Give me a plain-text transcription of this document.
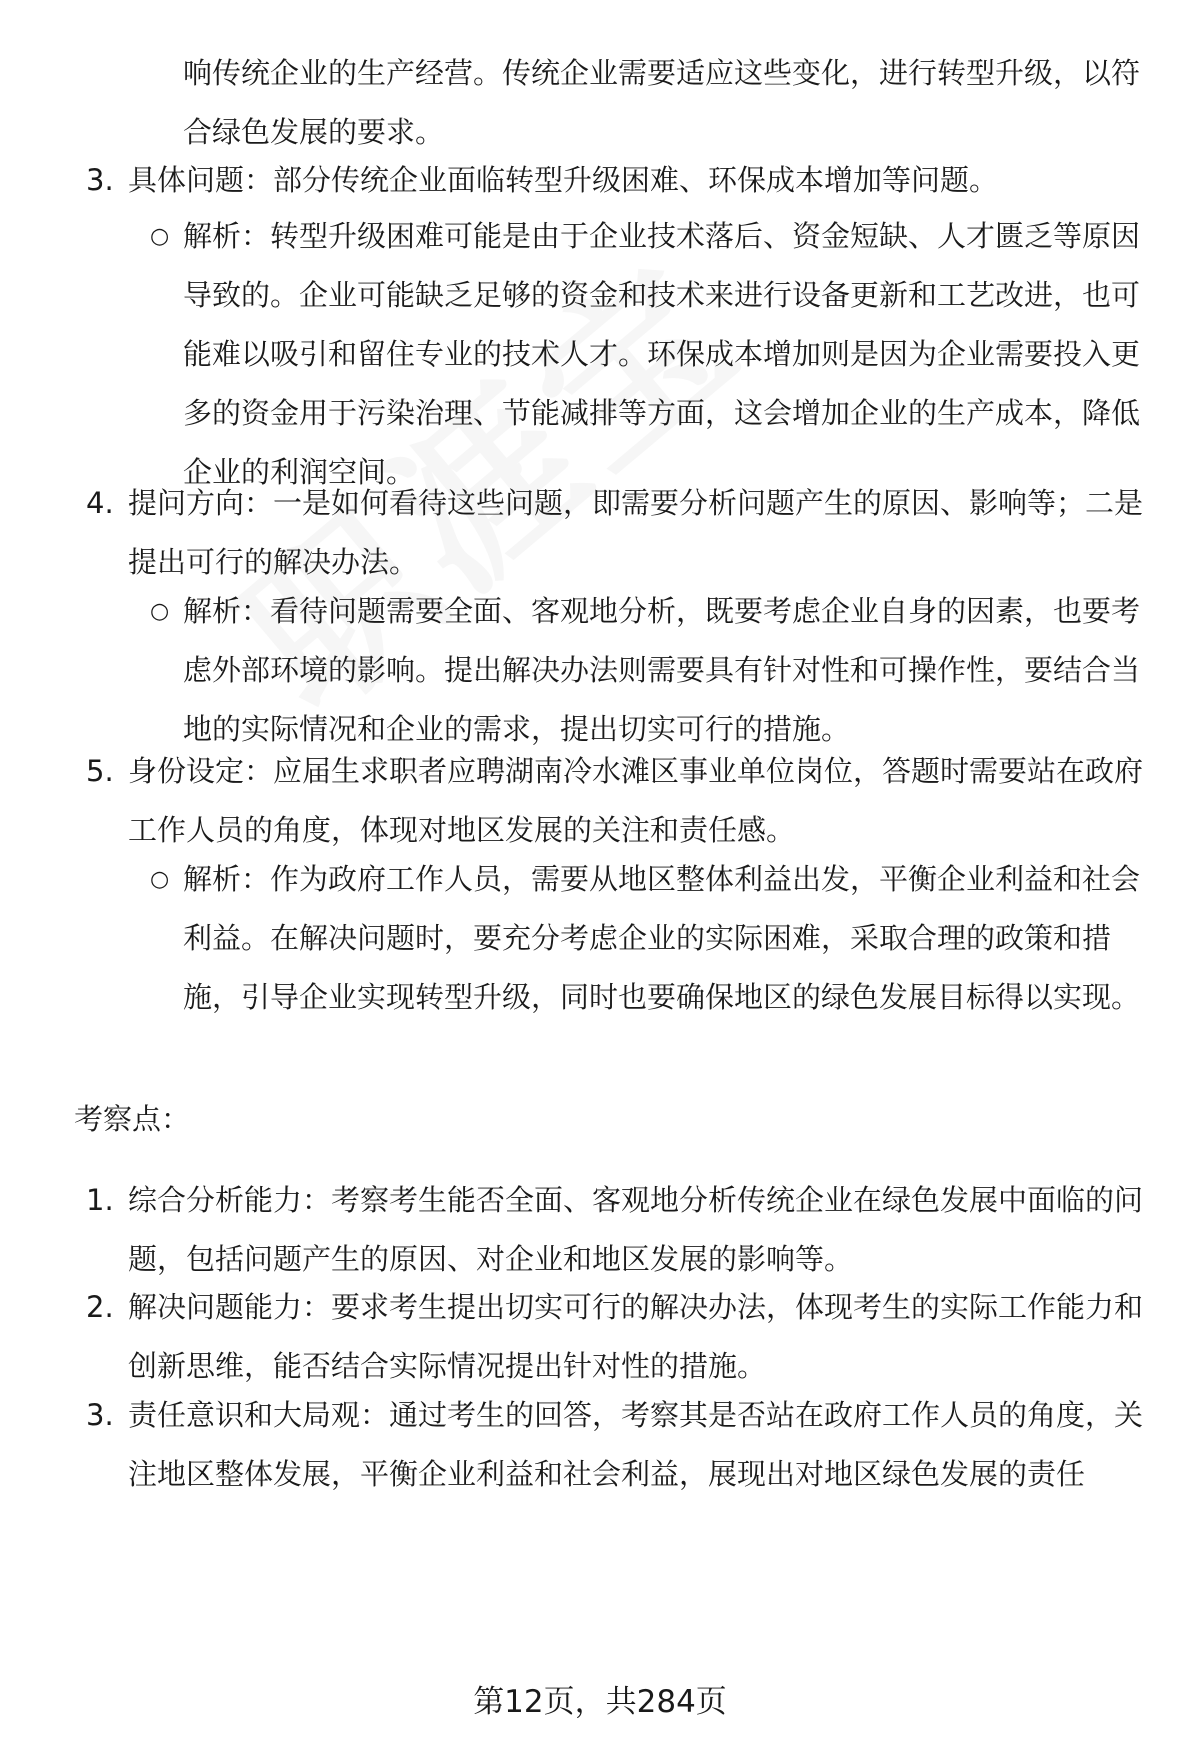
响传统企业的生产经营。传统企业需要适应这些变化，进行转型升级，以符合绿色发展的要求。

3. 具体问题：部分传统企业面临转型升级困难、环保成本增加等问题。

○ 解析：转型升级困难可能是由于企业技术落后、资金短缺、人才匮乏等原因导致的。企业可能缺乏足够的资金和技术来进行设备更新和工艺改进，也可能难以吸引和留住专业的技术人才。环保成本增加则是因为企业需要投入更多的资金用于污染治理、节能减排等方面，这会增加企业的生产成本，降低企业的利润空间。

4. 提问方向：一是如何看待这些问题，即需要分析问题产生的原因、影响等；二是提出可行的解决办法。

○ 解析：看待问题需要全面、客观地分析，既要考虑企业自身的因素，也要考虑外部环境的影响。提出解决办法则需要具有针对性和可操作性，要结合当地的实际情况和企业的需求，提出切实可行的措施。

5. 身份设定：应届生求职者应聘湖南冷水滩区事业单位岗位，答题时需要站在政府工作人员的角度，体现对地区发展的关注和责任感。

○ 解析：作为政府工作人员，需要从地区整体利益出发，平衡企业利益和社会利益。在解决问题时，要充分考虑企业的实际困难，采取合理的政策和措施，引导企业实现转型升级，同时也要确保地区的绿色发展目标得以实现。

考察点：
1. 综合分析能力：考察考生能否全面、客观地分析传统企业在绿色发展中面临的问题，包括问题产生的原因、对企业和地区发展的影响等。

2. 解决问题能力：要求考生提出切实可行的解决办法，体现考生的实际工作能力和创新思维，能否结合实际情况提出针对性的措施。

3. 责任意识和大局观：通过考生的回答，考察其是否站在政府工作人员的角度，关注地区整体发展，平衡企业利益和社会利益，展现出对地区绿色发展的责任

第12页，共284页
